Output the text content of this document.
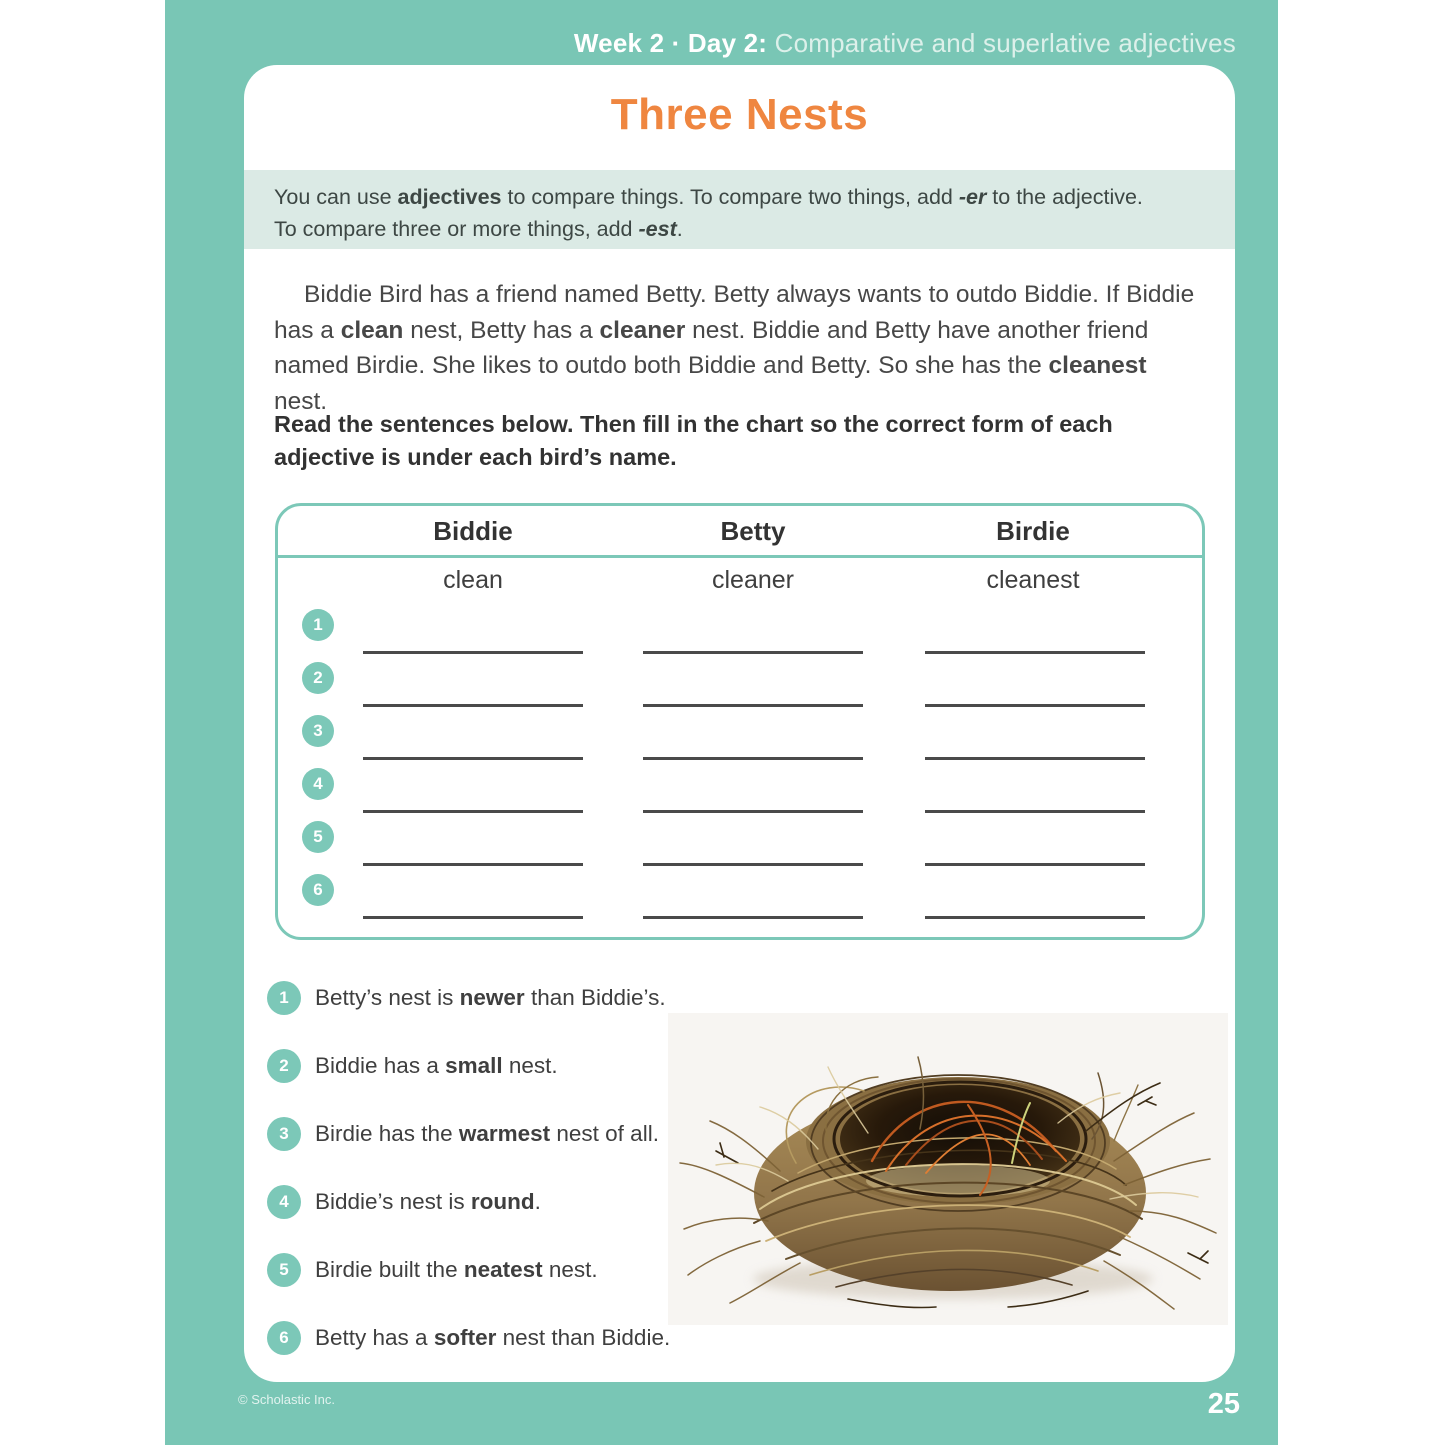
Week 2 · Day 2: Comparative and superlative adjectives
Three Nests

You can use adjectives to compare things. To compare two things, add -er to the adjective.

To compare three or more things, add -est.

Biddie Bird has a friend named Betty. Betty always wants to outdo Biddie. If Biddie has a clean nest, Betty has a cleaner nest. Biddie and Betty have another friend named Birdie. She likes to outdo both Biddie and Betty. So she has the cleanest nest.

Read the sentences below. Then fill in the chart so the correct form of each adjective is under each bird’s name.

Biddie	Betty	Birdie
clean	cleaner	cleanest
1
2
3
4
5
6
1	Betty’s nest is newer than Biddie’s.
2	Biddie has a small nest.
3	Birdie has the warmest nest of all.
4	Biddie’s nest is round.
5	Birdie built the neatest nest.
6	Betty has a softer nest than Biddie.
© Scholastic Inc.	25
